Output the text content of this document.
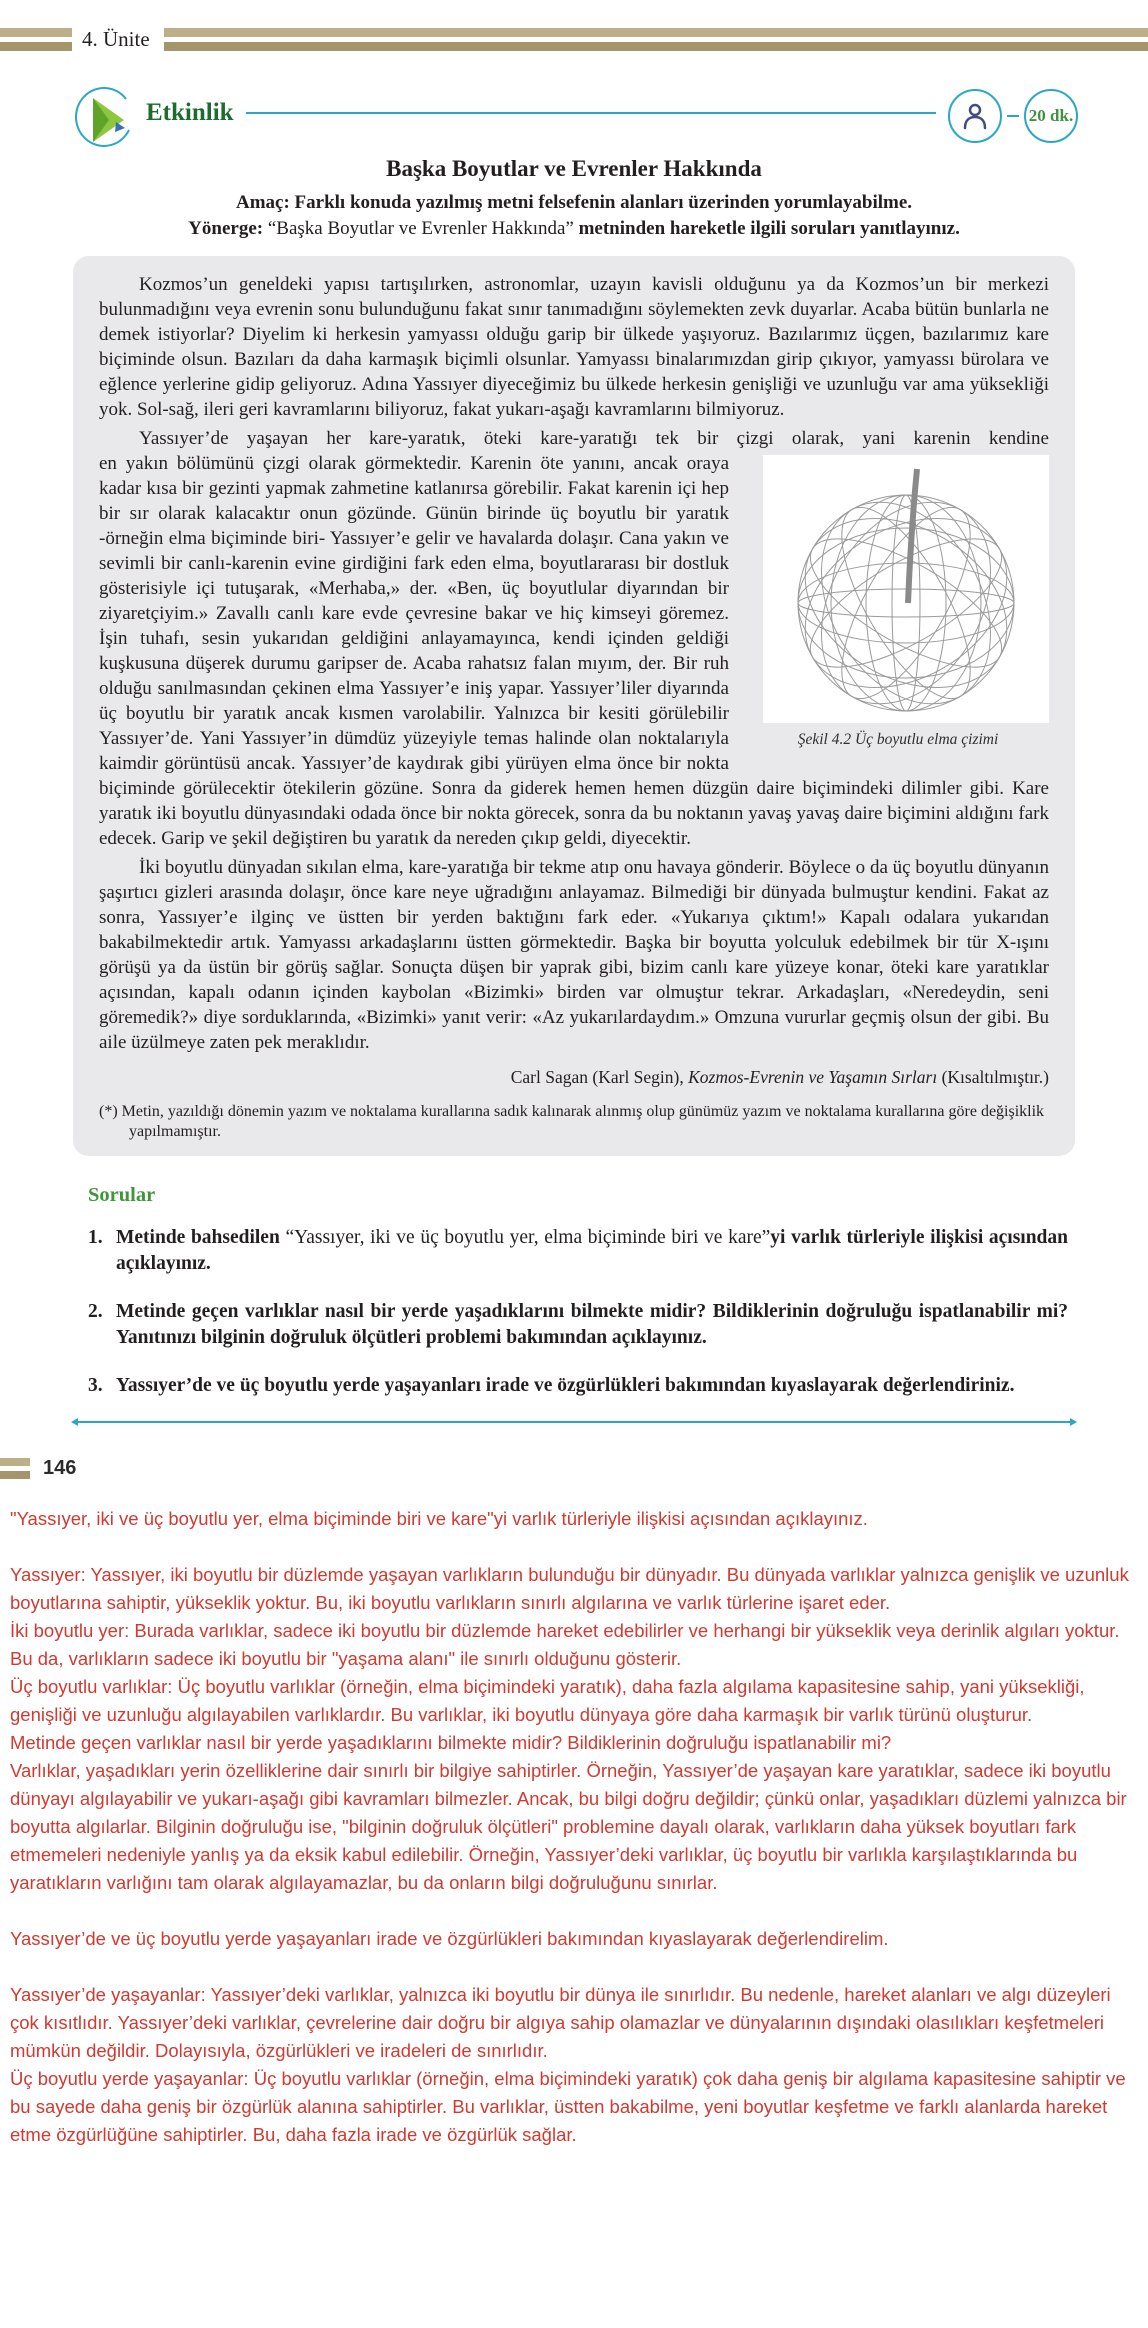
4. Ünite
Etkinlik	20 dk.
Başka Boyutlar ve Evrenler Hakkında
Amaç: Farklı konuda yazılmış metni felsefenin alanları üzerinden yorumlayabilme.
Yönerge: “Başka Boyutlar ve Evrenler Hakkında” metninden hareketle ilgili soruları yanıtlayınız.

Kozmos’un geneldeki yapısı tartışılırken, astronomlar, uzayın kavisli olduğunu ya da Kozmos’un bir merkezi bulunmadığını veya evrenin sonu bulunduğunu fakat sınır tanımadığını söylemekten zevk duyarlar. Acaba bütün bunlarla ne demek istiyorlar? Diyelim ki herkesin yamyassı olduğu garip bir ülkede yaşıyoruz. Bazılarımız üçgen, bazılarımız kare biçiminde olsun. Bazıları da daha karmaşık biçimli olsunlar. Yamyassı binalarımızdan girip çıkıyor, yamyassı bürolara ve eğlence yerlerine gidip geliyoruz. Adına Yassıyer diyeceğimiz bu ülkede herkesin genişliği ve uzunluğu var ama yüksekliği yok. Sol-sağ, ileri geri kavramlarını biliyoruz, fakat yukarı-aşağı kavramlarını bilmiyoruz.

Yassıyer’de yaşayan her kare-yaratık, öteki kare-yaratığı tek bir çizgi olarak, yani karenin kendine

Şekil 4.2 Üç boyutlu elma çizimi
en yakın bölümünü çizgi olarak görmektedir. Karenin öte yanını, ancak oraya kadar kısa bir gezinti yapmak zahmetine katlanırsa görebilir. Fakat karenin içi hep bir sır olarak kalacaktır onun gözünde. Günün birinde üç boyutlu bir yaratık -örneğin elma biçiminde biri- Yassıyer’e gelir ve havalarda dolaşır. Cana yakın ve sevimli bir canlı-karenin evine girdiğini fark eden elma, boyutlararası bir dostluk gösterisiyle içi tutuşarak, «Merhaba,» der. «Ben, üç boyutlular diyarından bir ziyaretçiyim.» Zavallı canlı kare evde çevresine bakar ve hiç kimseyi göremez. İşin tuhafı, sesin yukarıdan geldiğini anlayamayınca, kendi içinden geldiği kuşkusuna düşerek durumu garipser de. Acaba rahatsız falan mıyım, der. Bir ruh olduğu sanılmasından çekinen elma Yassıyer’e iniş yapar. Yassıyer’liler diyarında üç boyutlu bir yaratık ancak kısmen varolabilir. Yalnızca bir kesiti görülebilir Yassıyer’de. Yani Yassıyer’in dümdüz yüzeyiyle temas halinde olan noktalarıyla kaimdir görüntüsü ancak. Yassıyer’de kaydırak gibi yürüyen elma önce bir nokta biçiminde görülecektir ötekilerin gözüne. Sonra da giderek hemen hemen düzgün daire biçimindeki dilimler gibi. Kare yaratık iki boyutlu dünyasındaki odada önce bir nokta görecek, sonra da bu noktanın yavaş yavaş daire biçimini aldığını fark edecek. Garip ve şekil değiştiren bu yaratık da nereden çıkıp geldi, diyecektir.

İki boyutlu dünyadan sıkılan elma, kare-yaratığa bir tekme atıp onu havaya gönderir. Böylece o da üç boyutlu dünyanın şaşırtıcı gizleri arasında dolaşır, önce kare neye uğradığını anlayamaz. Bilmediği bir dünyada bulmuştur kendini. Fakat az sonra, Yassıyer’e ilginç ve üstten bir yerden baktığını fark eder. «Yukarıya çıktım!» Kapalı odalara yukarıdan bakabilmektedir artık. Yamyassı arkadaşlarını üstten görmektedir. Başka bir boyutta yolculuk edebilmek bir tür X-ışını görüşü ya da üstün bir görüş sağlar. Sonuçta düşen bir yaprak gibi, bizim canlı kare yüzeye konar, öteki kare yaratıklar açısından, kapalı odanın içinden kaybolan «Bizimki» birden var olmuştur tekrar. Arkadaşları, «Neredeydin, seni göremedik?» diye sorduklarında, «Bizimki» yanıt verir: «Az yukarılardaydım.» Omzuna vururlar geçmiş olsun der gibi. Bu aile üzülmeye zaten pek meraklıdır.

Carl Sagan (Karl Segin), Kozmos-Evrenin ve Yaşamın Sırları (Kısaltılmıştır.)

(*) Metin, yazıldığı dönemin yazım ve noktalama kurallarına sadık kalınarak alınmış olup günümüz yazım ve noktalama kurallarına göre değişiklik yapılmamıştır.

Sorular
1. Metinde bahsedilen “Yassıyer, iki ve üç boyutlu yer, elma biçiminde biri ve kare”yi varlık türleriyle ilişkisi açısından açıklayınız.
2. Metinde geçen varlıklar nasıl bir yerde yaşadıklarını bilmekte midir? Bildiklerinin doğruluğu ispatlanabilir mi? Yanıtınızı bilginin doğruluk ölçütleri problemi bakımından açıklayınız.
3. Yassıyer’de ve üç boyutlu yerde yaşayanları irade ve özgürlükleri bakımından kıyaslayarak değerlendiriniz.
146

"Yassıyer, iki ve üç boyutlu yer, elma biçiminde biri ve kare"yi varlık türleriyle ilişkisi açısından açıklayınız.

Yassıyer: Yassıyer, iki boyutlu bir düzlemde yaşayan varlıkların bulunduğu bir dünyadır. Bu dünyada varlıklar yalnızca genişlik ve uzunluk boyutlarına sahiptir, yükseklik yoktur. Bu, iki boyutlu varlıkların sınırlı algılarına ve varlık türlerine işaret eder.

İki boyutlu yer: Burada varlıklar, sadece iki boyutlu bir düzlemde hareket edebilirler ve herhangi bir yükseklik veya derinlik algıları yoktur. Bu da, varlıkların sadece iki boyutlu bir "yaşama alanı" ile sınırlı olduğunu gösterir.

Üç boyutlu varlıklar: Üç boyutlu varlıklar (örneğin, elma biçimindeki yaratık), daha fazla algılama kapasitesine sahip, yani yüksekliği, genişliği ve uzunluğu algılayabilen varlıklardır. Bu varlıklar, iki boyutlu dünyaya göre daha karmaşık bir varlık türünü oluşturur.

Metinde geçen varlıklar nasıl bir yerde yaşadıklarını bilmekte midir? Bildiklerinin doğruluğu ispatlanabilir mi?

Varlıklar, yaşadıkları yerin özelliklerine dair sınırlı bir bilgiye sahiptirler. Örneğin, Yassıyer’de yaşayan kare yaratıklar, sadece iki boyutlu dünyayı algılayabilir ve yukarı-aşağı gibi kavramları bilmezler. Ancak, bu bilgi doğru değildir; çünkü onlar, yaşadıkları düzlemi yalnızca bir boyutta algılarlar. Bilginin doğruluğu ise, "bilginin doğruluk ölçütleri" problemine dayalı olarak, varlıkların daha yüksek boyutları fark etmemeleri nedeniyle yanlış ya da eksik kabul edilebilir. Örneğin, Yassıyer’deki varlıklar, üç boyutlu bir varlıkla karşılaştıklarında bu yaratıkların varlığını tam olarak algılayamazlar, bu da onların bilgi doğruluğunu sınırlar.

Yassıyer’de ve üç boyutlu yerde yaşayanları irade ve özgürlükleri bakımından kıyaslayarak değerlendirelim.

Yassıyer’de yaşayanlar: Yassıyer’deki varlıklar, yalnızca iki boyutlu bir dünya ile sınırlıdır. Bu nedenle, hareket alanları ve algı düzeyleri çok kısıtlıdır. Yassıyer’deki varlıklar, çevrelerine dair doğru bir algıya sahip olamazlar ve dünyalarının dışındaki olasılıkları keşfetmeleri mümkün değildir. Dolayısıyla, özgürlükleri ve iradeleri de sınırlıdır.

Üç boyutlu yerde yaşayanlar: Üç boyutlu varlıklar (örneğin, elma biçimindeki yaratık) çok daha geniş bir algılama kapasitesine sahiptir ve bu sayede daha geniş bir özgürlük alanına sahiptirler. Bu varlıklar, üstten bakabilme, yeni boyutlar keşfetme ve farklı alanlarda hareket etme özgürlüğüne sahiptirler. Bu, daha fazla irade ve özgürlük sağlar.
